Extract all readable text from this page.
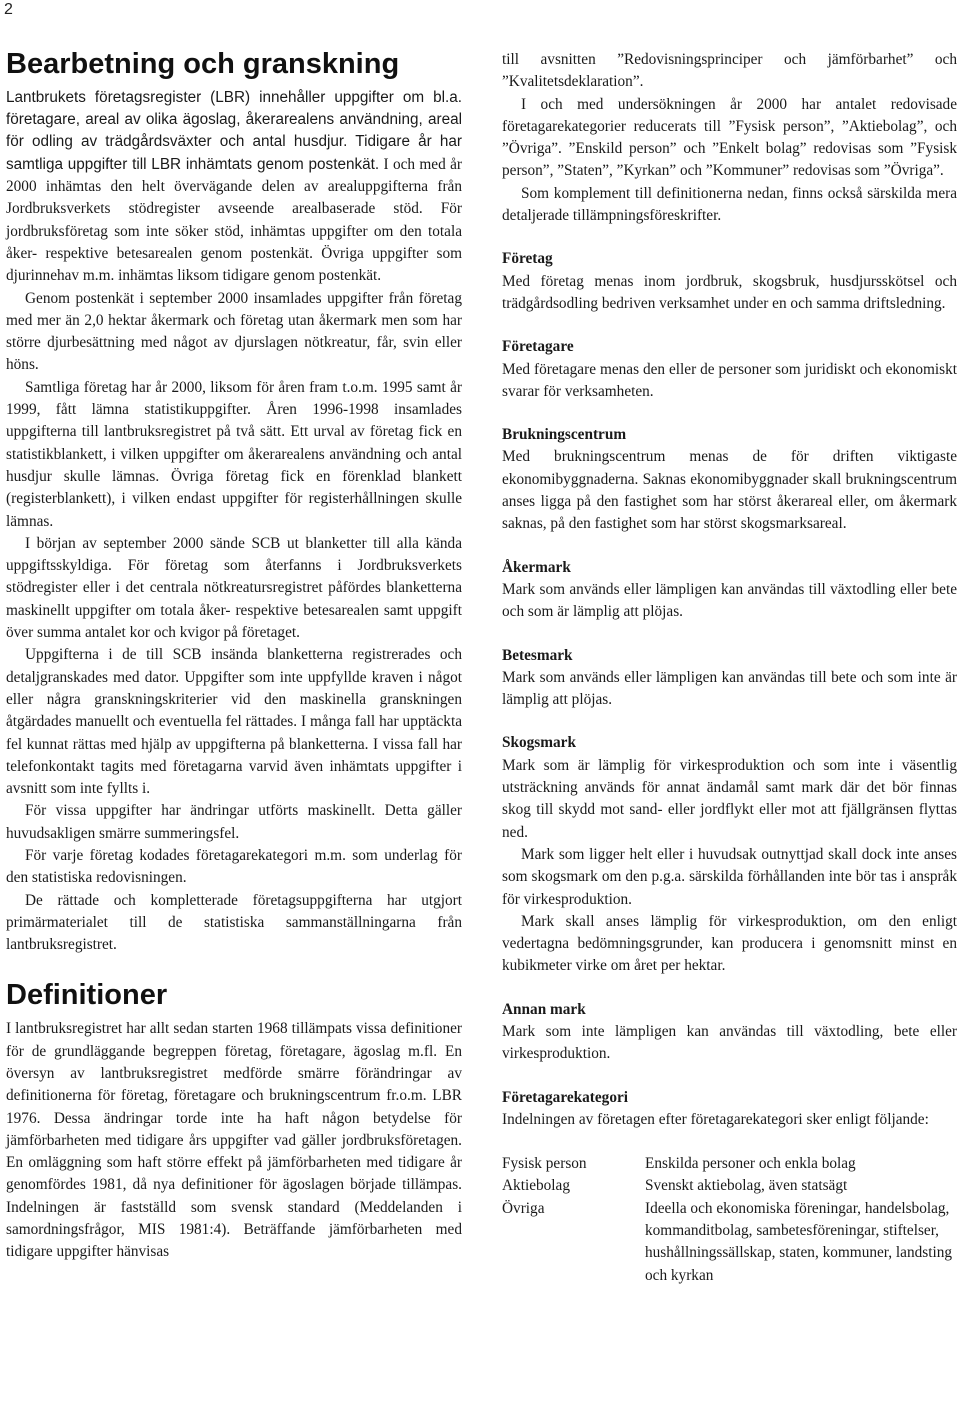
2
Bearbetning och granskning

Lantbrukets företagsregister (LBR) innehåller uppgifter om bl.a. företagare, areal av olika ägoslag, åkerarealens användning, areal för odling av trädgårdsväxter och antal husdjur. Tidigare år har samtliga uppgifter till LBR inhämtats genom postenkät. I och med år 2000 inhämtas den helt övervägande delen av arealuppgifterna från Jordbruksverkets stödregister avseende arealbaserade stöd. För jordbruksföretag som inte söker stöd, inhämtas uppgifter om den totala åker- respektive betesarealen genom postenkät. Övriga uppgifter som djurinnehav m.m. inhämtas liksom tidigare genom postenkät.

Genom postenkät i september 2000 insamlades uppgifter från företag med mer än 2,0 hektar åkermark och företag utan åkermark men som har större djurbesättning med något av djurslagen nötkreatur, får, svin eller höns.

Samtliga företag har år 2000, liksom för åren fram t.o.m. 1995 samt år 1999, fått lämna statistikuppgifter. Åren 1996-1998 insamlades uppgifterna till lantbruksregistret på två sätt. Ett urval av företag fick en statistikblankett, i vilken uppgifter om åkerarealens användning och antal husdjur skulle lämnas. Övriga företag fick en förenklad blankett (registerblankett), i vilken endast uppgifter för registerhållningen skulle lämnas.

I början av september 2000 sände SCB ut blanketter till alla kända uppgiftsskyldiga. För företag som återfanns i Jordbruksverkets stödregister eller i det centrala nötkreatursregistret påfördes blanketterna maskinellt uppgifter om totala åker- respektive betesarealen samt uppgift över summa antalet kor och kvigor på företaget.

Uppgifterna i de till SCB insända blanketterna registrerades och detaljgranskades med dator. Uppgifter som inte uppfyllde kraven i något eller några granskningskriterier vid den maskinella granskningen åtgärdades manuellt och eventuella fel rättades. I många fall har upptäckta fel kunnat rättas med hjälp av uppgifterna på blanketterna. I vissa fall har telefonkontakt tagits med företagarna varvid även inhämtats uppgifter i avsnitt som inte fyllts i.

För vissa uppgifter har ändringar utförts maskinellt. Detta gäller huvudsakligen smärre summeringsfel.

För varje företag kodades företagarekategori m.m. som underlag för den statistiska redovisningen.

De rättade och kompletterade företagsuppgifterna har utgjort primärmaterialet till de statistiska sammanställningarna från lantbruksregistret.

Definitioner

I lantbruksregistret har allt sedan starten 1968 tillämpats vissa definitioner för de grundläggande begreppen företag, företagare, ägoslag m.fl. En översyn av lantbruksregistret medförde smärre förändringar av definitionerna för företag, företagare och brukningscentrum fr.o.m. LBR 1976. Dessa ändringar torde inte ha haft någon betydelse för jämförbarheten med tidigare års uppgifter vad gäller jordbruksföretagen. En omläggning som haft större effekt på jämförbarheten med tidigare år genomfördes 1981, då nya definitioner för ägoslagen började tillämpas. Indelningen är fastställd som svensk standard (Meddelanden i samordningsfrågor, MIS 1981:4). Beträffande jämförbarheten med tidigare uppgifter hänvisas

till avsnitten ”Redovisningsprinciper och jämförbarhet” och ”Kvalitetsdeklaration”.

I och med undersökningen år 2000 har antalet redovisade företagarekategorier reducerats till ”Fysisk person”, ”Aktiebolag”, och ”Övriga”. ”Enskild person” och ”Enkelt bolag” redovisas som ”Fysisk person”, ”Staten”, ”Kyrkan” och ”Kommuner” redovisas som ”Övriga”.

Som komplement till definitionerna nedan, finns också särskilda mera detaljerade tillämpningsföreskrifter.

Företag

Med företag menas inom jordbruk, skogsbruk, husdjursskötsel och trädgårdsodling bedriven verksamhet under en och samma driftsledning.

Företagare

Med företagare menas den eller de personer som juridiskt och ekonomiskt svarar för verksamheten.

Brukningscentrum

Med brukningscentrum menas de för driften viktigaste ekonomibyggnaderna. Saknas ekonomibyggnader skall brukningscentrum anses ligga på den fastighet som har störst åkerareal eller, om åkermark saknas, på den fastighet som har störst skogsmarksareal.

Åkermark

Mark som används eller lämpligen kan användas till växtodling eller bete och som är lämplig att plöjas.

Betesmark

Mark som används eller lämpligen kan användas till bete och som inte är lämplig att plöjas.

Skogsmark

Mark som är lämplig för virkesproduktion och som inte i väsentlig utsträckning används för annat ändamål samt mark där det bör finnas skog till skydd mot sand- eller jordflykt eller mot att fjällgränsen flyttas ned.

Mark som ligger helt eller i huvudsak outnyttjad skall dock inte anses som skogsmark om den p.g.a. särskilda förhållanden inte bör tas i anspråk för virkesproduktion.

Mark skall anses lämplig för virkesproduktion, om den enligt vedertagna bedömningsgrunder, kan producera i genomsnitt minst en kubikmeter virke om året per hektar.

Annan mark

Mark som inte lämpligen kan användas till växtodling, bete eller virkesproduktion.

Företagarekategori

Indelningen av företagen efter företagarekategori sker enligt följande:

Fysisk person	Enskilda personer och enkla bolag

Aktiebolag	Svenskt aktiebolag, även statsägt

Övriga	Ideella och ekonomiska föreningar, handelsbolag, kommanditbolag, sambetesföreningar, stiftelser, hushållningssällskap, staten, kommuner, landsting och kyrkan
